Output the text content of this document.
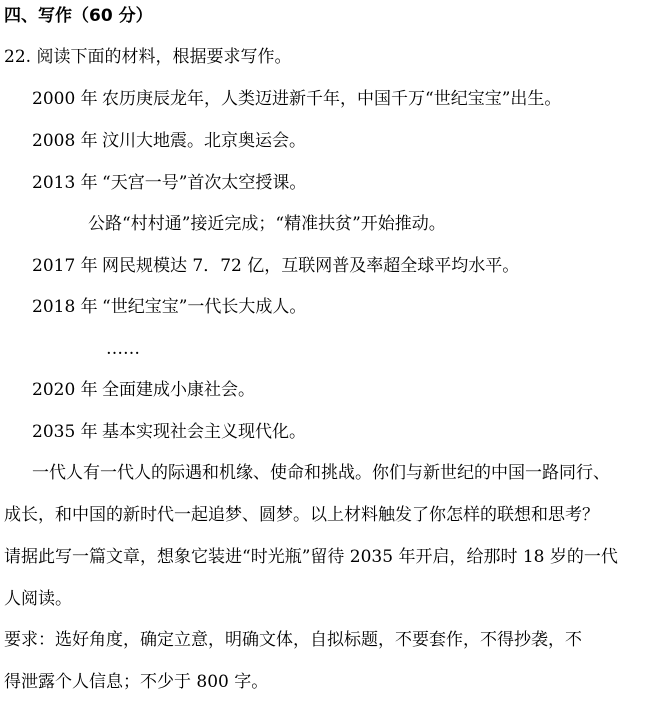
四、写作（60 分）
22. 阅读下面的材料，根据要求写作。
2000 年 农历庚辰龙年，人类迈进新千年，中国千万“世纪宝宝”出生。
2008 年 汶川大地震。北京奥运会。
2013 年 “天宫一号”首次太空授课。
公路“村村通”接近完成；“精准扶贫”开始推动。
2017 年 网民规模达 7．72 亿，互联网普及率超全球平均水平。
2018 年 “世纪宝宝”一代长大成人。
……
2020 年 全面建成小康社会。
2035 年 基本实现社会主义现代化。
一代人有一代人的际遇和机缘、使命和挑战。你们与新世纪的中国一路同行、
成长，和中国的新时代一起追梦、圆梦。以上材料触发了你怎样的联想和思考？
请据此写一篇文章，想象它装进“时光瓶”留待 2035 年开启，给那时 18 岁的一代
人阅读。
要求：选好角度，确定立意，明确文体，自拟标题，不要套作，不得抄袭，不
得泄露个人信息；不少于 800 字。
